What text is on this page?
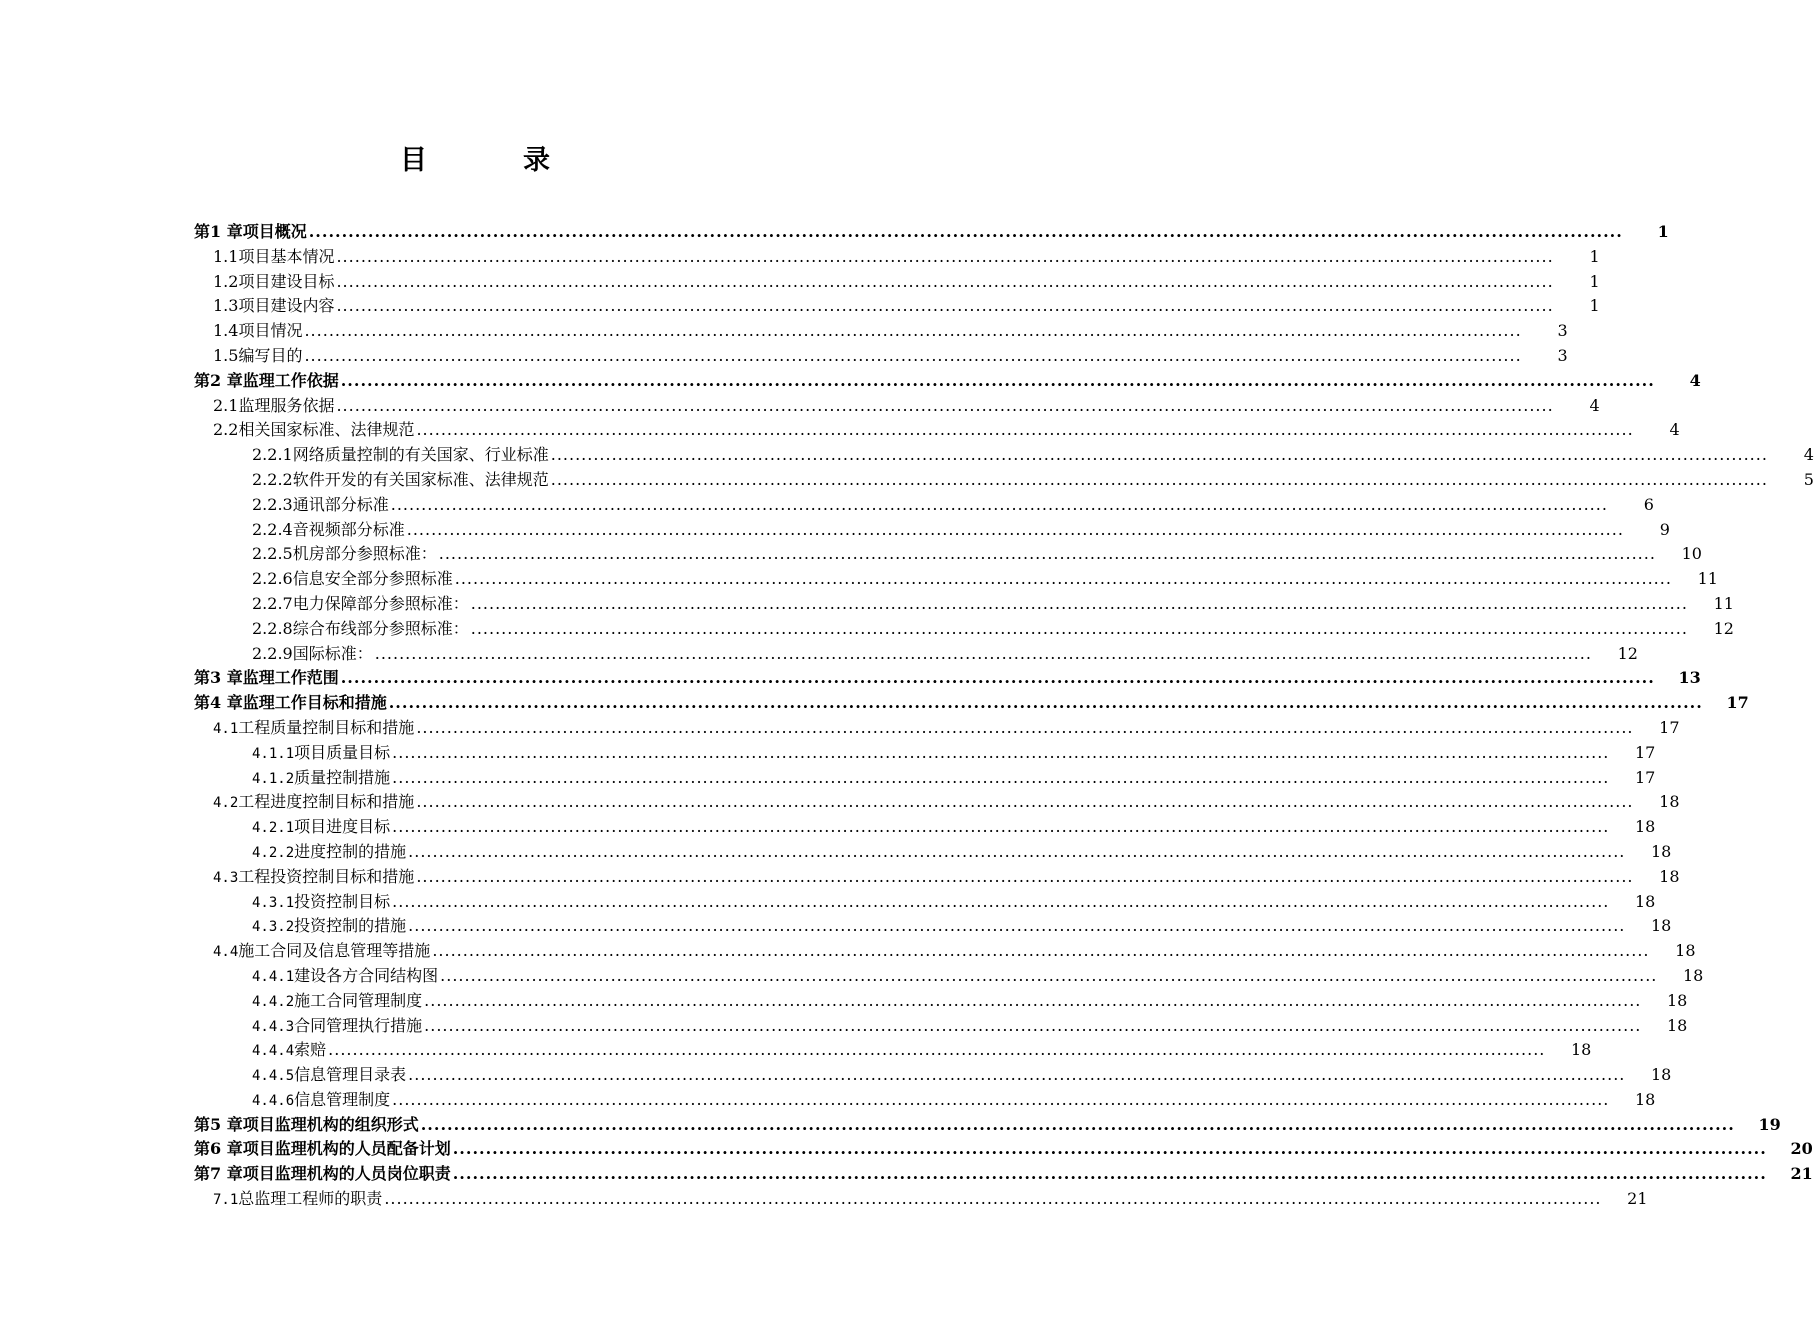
目	录
第1 章 项目概况 ........................................................................................................................................................................................................	1
1.1 项目基本情况 ........................................................................................................................................................................................................	1
1.2 项目建设目标 ........................................................................................................................................................................................................	1
1.3 项目建设内容 ........................................................................................................................................................................................................	1
1.4 项目情况 ........................................................................................................................................................................................................	3
1.5 编写目的 ........................................................................................................................................................................................................	3
第2 章 监理工作依据 ........................................................................................................................................................................................................	4
2.1 监理服务依据 ........................................................................................................................................................................................................	4
2.2 相关国家标准、法律规范 ........................................................................................................................................................................................................	4
2.2.1 网络质量控制的有关国家、行业标准 ........................................................................................................................................................................................................	4
2.2.2 软件开发的有关国家标准、法律规范 ........................................................................................................................................................................................................	5
2.2.3 通讯部分标准 ........................................................................................................................................................................................................	6
2.2.4 音视频部分标准 ........................................................................................................................................................................................................	9
2.2.5 机房部分参照标准： ........................................................................................................................................................................................................	10
2.2.6 信息安全部分参照标准 ........................................................................................................................................................................................................	11
2.2.7 电力保障部分参照标准： ........................................................................................................................................................................................................	11
2.2.8 综合布线部分参照标准： ........................................................................................................................................................................................................	12
2.2.9 国际标准： ........................................................................................................................................................................................................	12
第3 章 监理工作范围 ........................................................................................................................................................................................................	13
第4 章 监理工作目标和措施 ........................................................................................................................................................................................................	17
4.1 工程质量控制目标和措施 ........................................................................................................................................................................................................	17
4.1.1 项目质量目标 ........................................................................................................................................................................................................	17
4.1.2 质量控制措施 ........................................................................................................................................................................................................	17
4.2 工程进度控制目标和措施 ........................................................................................................................................................................................................	18
4.2.1 项目进度目标 ........................................................................................................................................................................................................	18
4.2.2 进度控制的措施 ........................................................................................................................................................................................................	18
4.3 工程投资控制目标和措施 ........................................................................................................................................................................................................	18
4.3.1 投资控制目标 ........................................................................................................................................................................................................	18
4.3.2 投资控制的措施 ........................................................................................................................................................................................................	18
4.4 施工合同及信息管理等措施 ........................................................................................................................................................................................................	18
4.4.1 建设各方合同结构图 ........................................................................................................................................................................................................	18
4.4.2 施工合同管理制度 ........................................................................................................................................................................................................	18
4.4.3 合同管理执行措施 ........................................................................................................................................................................................................	18
4.4.4 索赔 ........................................................................................................................................................................................................	18
4.4.5 信息管理目录表 ........................................................................................................................................................................................................	18
4.4.6 信息管理制度 ........................................................................................................................................................................................................	18
第5 章 项目监理机构的组织形式 ........................................................................................................................................................................................................	19
第6 章 项目监理机构的人员配备计划 ........................................................................................................................................................................................................	20
第7 章 项目监理机构的人员岗位职责 ........................................................................................................................................................................................................	21
7.1 总监理工程师的职责 ........................................................................................................................................................................................................	21
